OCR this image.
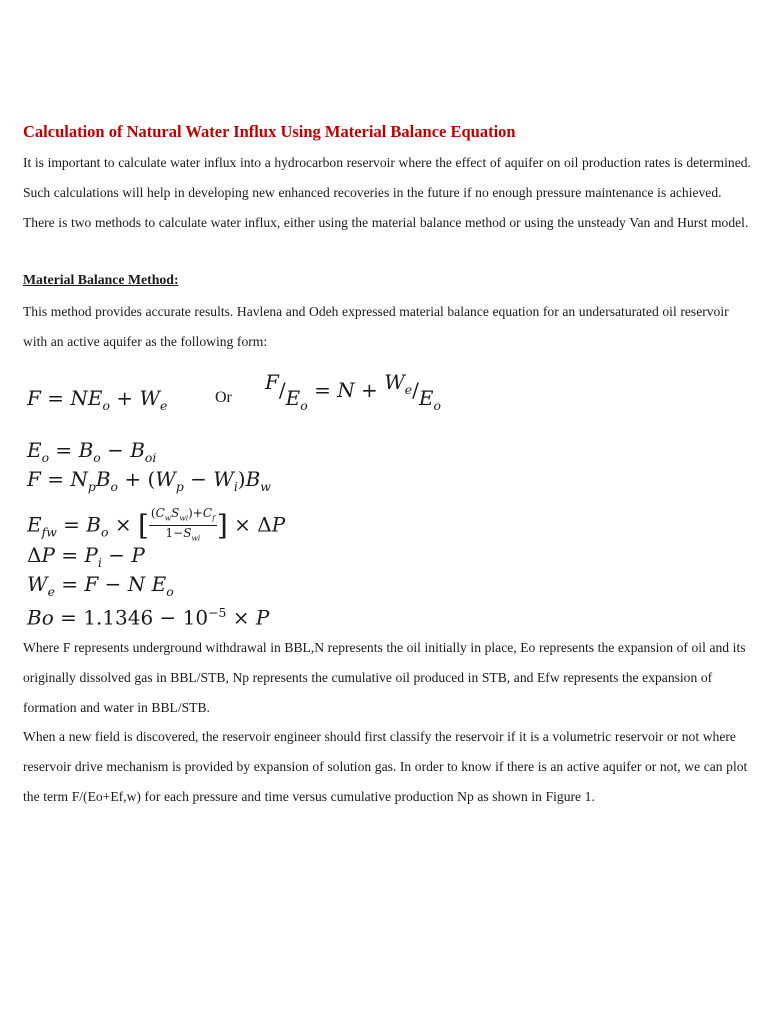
Calculation of Natural Water Influx Using Material Balance Equation

It is important to calculate water influx into a hydrocarbon reservoir where the effect of aquifer on oil production rates is determined. Such calculations will help in developing new enhanced recoveries in the future if no enough pressure maintenance is achieved. There is two methods to calculate water influx, either using the material balance method or using the unsteady Van and Hurst model.

Material Balance Method:

This method provides accurate results. Havlena and Odeh expressed material balance equation for an undersaturated oil reservoir with an active aquifer as the following form:

$F = NE_o + W_e$	Or
$F/E_o = N + W_e/E_o$
$E_o = B_o - B_{oi}$
$F = N_pB_o + (W_p - W_i)B_w$
$E_{fw} = B_o$ × [ $\frac{(C_wS_{wi})+C_f}{1-S_{wi}}$ ] × ΔP
$\Delta P = P_i - P$
$W_e = F - N$ $E_o$
$Bo = 1.1346 - 10^{-5} \times P$

Where F represents underground withdrawal in BBL,N represents the oil initially in place, Eo represents the expansion of oil and its originally dissolved gas in BBL/STB, Np represents the cumulative oil produced in STB, and Efw represents the expansion of formation and water in BBL/STB.

When a new field is discovered, the reservoir engineer should first classify the reservoir if it is a volumetric reservoir or not where reservoir drive mechanism is provided by expansion of solution gas. In order to know if there is an active aquifer or not, we can plot the term F/(Eo+Ef,w) for each pressure and time versus cumulative production Np as shown in Figure 1.
